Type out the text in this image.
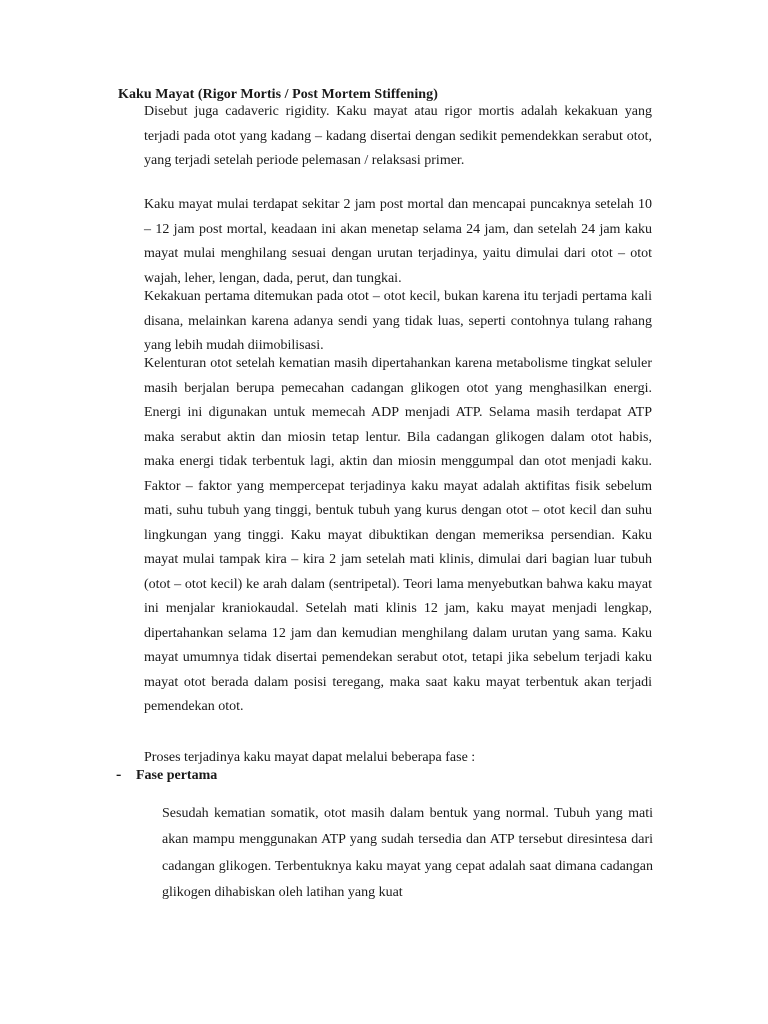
Kaku Mayat (Rigor Mortis / Post Mortem Stiffening)

Disebut juga cadaveric rigidity. Kaku mayat atau rigor mortis adalah kekakuan yang terjadi pada otot yang kadang – kadang disertai dengan sedikit pemendekkan serabut otot, yang terjadi setelah periode pelemasan / relaksasi primer.

Kaku mayat mulai terdapat sekitar 2 jam post mortal dan mencapai puncaknya setelah 10 – 12 jam post mortal, keadaan ini akan menetap selama 24 jam, dan setelah 24 jam kaku mayat mulai menghilang sesuai dengan urutan terjadinya, yaitu dimulai dari otot – otot wajah, leher, lengan, dada, perut, dan tungkai.

Kekakuan pertama ditemukan pada otot – otot kecil, bukan karena itu terjadi pertama kali disana, melainkan karena adanya sendi yang tidak luas, seperti contohnya tulang rahang yang lebih mudah diimobilisasi.

Kelenturan otot setelah kematian masih dipertahankan karena metabolisme tingkat seluler masih berjalan berupa pemecahan cadangan glikogen otot yang menghasilkan energi. Energi ini digunakan untuk memecah ADP menjadi ATP. Selama masih terdapat ATP maka serabut aktin dan miosin tetap lentur. Bila cadangan glikogen dalam otot habis, maka energi tidak terbentuk lagi, aktin dan miosin menggumpal dan otot menjadi kaku. Faktor – faktor yang mempercepat terjadinya kaku mayat adalah aktifitas fisik sebelum mati, suhu tubuh yang tinggi, bentuk tubuh yang kurus dengan otot – otot kecil dan suhu lingkungan yang tinggi. Kaku mayat dibuktikan dengan memeriksa persendian. Kaku mayat mulai tampak kira – kira 2 jam setelah mati klinis, dimulai dari bagian luar tubuh (otot – otot kecil) ke arah dalam (sentripetal). Teori lama menyebutkan bahwa kaku mayat ini menjalar kraniokaudal. Setelah mati klinis 12 jam, kaku mayat menjadi lengkap, dipertahankan selama 12 jam dan kemudian menghilang dalam urutan yang sama. Kaku mayat umumnya tidak disertai pemendekan serabut otot, tetapi jika sebelum terjadi kaku mayat otot berada dalam posisi teregang, maka saat kaku mayat terbentuk akan terjadi pemendekan otot.

Proses terjadinya kaku mayat dapat melalui beberapa fase :

- Fase pertama

Sesudah kematian somatik, otot masih dalam bentuk yang normal. Tubuh yang mati akan mampu menggunakan ATP yang sudah tersedia dan ATP tersebut diresintesa dari cadangan glikogen. Terbentuknya kaku mayat yang cepat adalah saat dimana cadangan glikogen dihabiskan oleh latihan yang kuat
